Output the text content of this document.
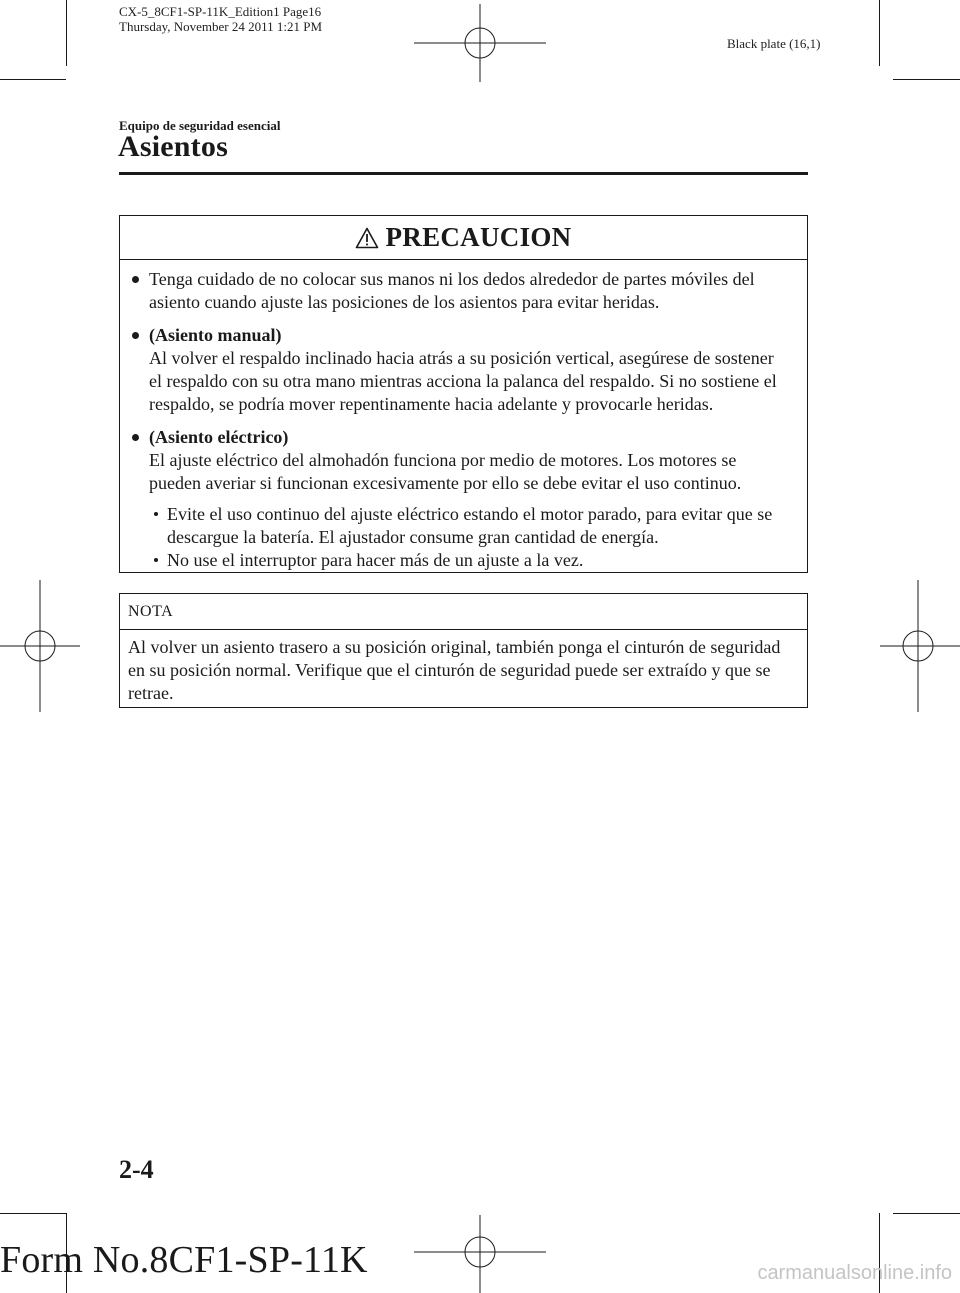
CX-5_8CF1-SP-11K_Edition1 Page16
Thursday, November 24 2011 1:21 PM
Black plate (16,1)
Equipo de seguridad esencial
Asientos
PRECAUCION
Tenga cuidado de no colocar sus manos ni los dedos alrededor de partes móviles del asiento cuando ajuste las posiciones de los asientos para evitar heridas.
(Asiento manual)
Al volver el respaldo inclinado hacia atrás a su posición vertical, asegúrese de sostener el respaldo con su otra mano mientras acciona la palanca del respaldo. Si no sostiene el respaldo, se podría mover repentinamente hacia adelante y provocarle heridas.
(Asiento eléctrico)
El ajuste eléctrico del almohadón funciona por medio de motores. Los motores se pueden averiar si funcionan excesivamente por ello se debe evitar el uso continuo.
Evite el uso continuo del ajuste eléctrico estando el motor parado, para evitar que se descargue la batería. El ajustador consume gran cantidad de energía.
No use el interruptor para hacer más de un ajuste a la vez.
NOTA
Al volver un asiento trasero a su posición original, también ponga el cinturón de seguridad en su posición normal. Verifique que el cinturón de seguridad puede ser extraído y que se retrae.
2-4
Form No.8CF1-SP-11K	carmanualsonline.info
